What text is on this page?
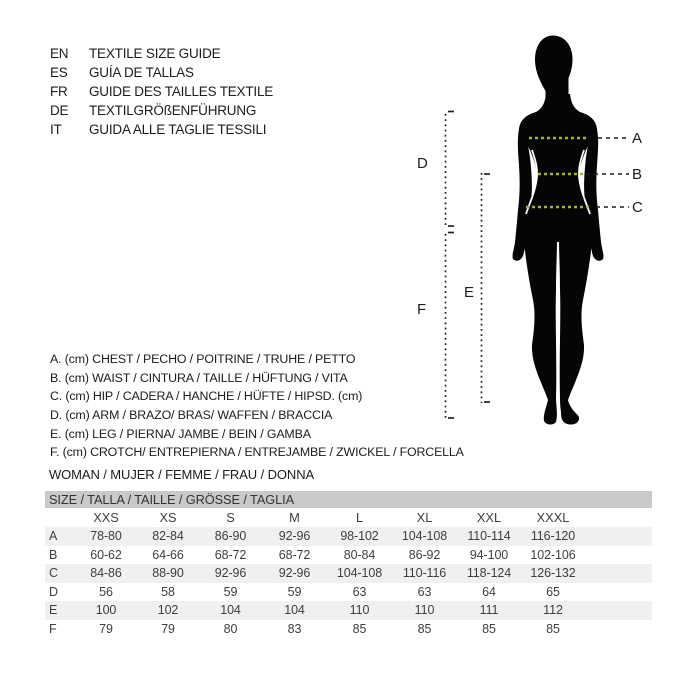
EN	TEXTILE SIZE GUIDE
ES	GUÍA DE TALLAS
FR	GUIDE DES TAILLES TEXTILE
DE	TEXTILGRÖßENFÜHRUNG
IT	GUIDA ALLE TAGLIE TESSILI
A
B
C
D
E
F
A. (cm) CHEST / PECHO / POITRINE / TRUHE / PETTO
B. (cm) WAIST / CINTURA / TAILLE / HÜFTUNG / VITA
C. (cm) HIP / CADERA / HANCHE / HÜFTE / HIPSD. (cm)
D. (cm) ARM / BRAZO/ BRAS/ WAFFEN / BRACCIA
E. (cm) LEG / PIERNA/ JAMBE / BEIN / GAMBA
F. (cm) CROTCH/ ENTREPIERNA / ENTREJAMBE / ZWICKEL / FORCELLA
WOMAN / MUJER / FEMME / FRAU / DONNA
SIZE / TALLA / TAILLE / GRÖSSE / TAGLIA
XXS	XS	S	M	L	XL	XXL	XXXL
A	78-80	82-84	86-90	92-96	98-102	104-108	110-114	116-120
B	60-62	64-66	68-72	68-72	80-84	86-92	94-100	102-106
C	84-86	88-90	92-96	92-96	104-108	110-116	118-124	126-132
D	56	58	59	59	63	63	64	65
E	100	102	104	104	110	110	111	112
F	79	79	80	83	85	85	85	85
